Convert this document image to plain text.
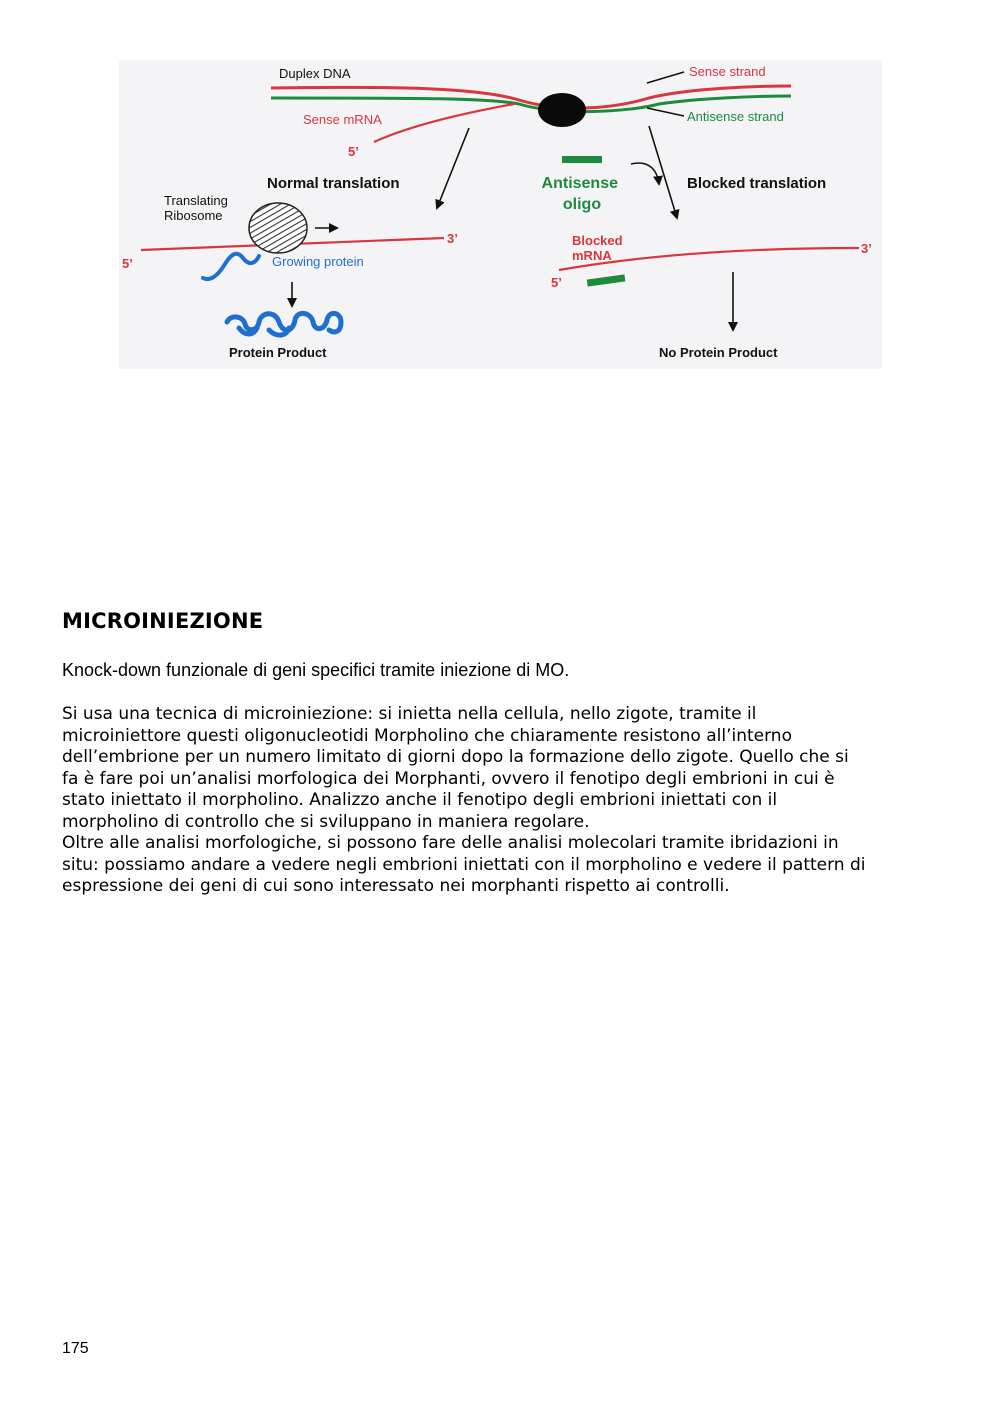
Duplex DNA	Sense strand
Sense mRNA	Antisense strand
5’
Normal translation	Antisense oligo
Blocked translation
Translating Ribosome
3’
5’	Growing protein
Blocked mRNA	3’
5’
Protein Product	No Protein Product
MICROINIEZIONE

Knock-down funzionale di geni specifici tramite iniezione di MO.

Si usa una tecnica di microiniezione: si inietta nella cellula, nello zigote, tramite il
microiniettore questi oligonucleotidi Morpholino che chiaramente resistono all’interno
dell’embrione per un numero limitato di giorni dopo la formazione dello zigote. Quello che si
fa è fare poi un’analisi morfologica dei Morphanti, ovvero il fenotipo degli embrioni in cui è
stato iniettato il morpholino. Analizzo anche il fenotipo degli embrioni iniettati con il
morpholino di controllo che si sviluppano in maniera regolare.
Oltre alle analisi morfologiche, si possono fare delle analisi molecolari tramite ibridazioni in
situ: possiamo andare a vedere negli embrioni iniettati con il morpholino e vedere il pattern di
espressione dei geni di cui sono interessato nei morphanti rispetto ai controlli.
175
